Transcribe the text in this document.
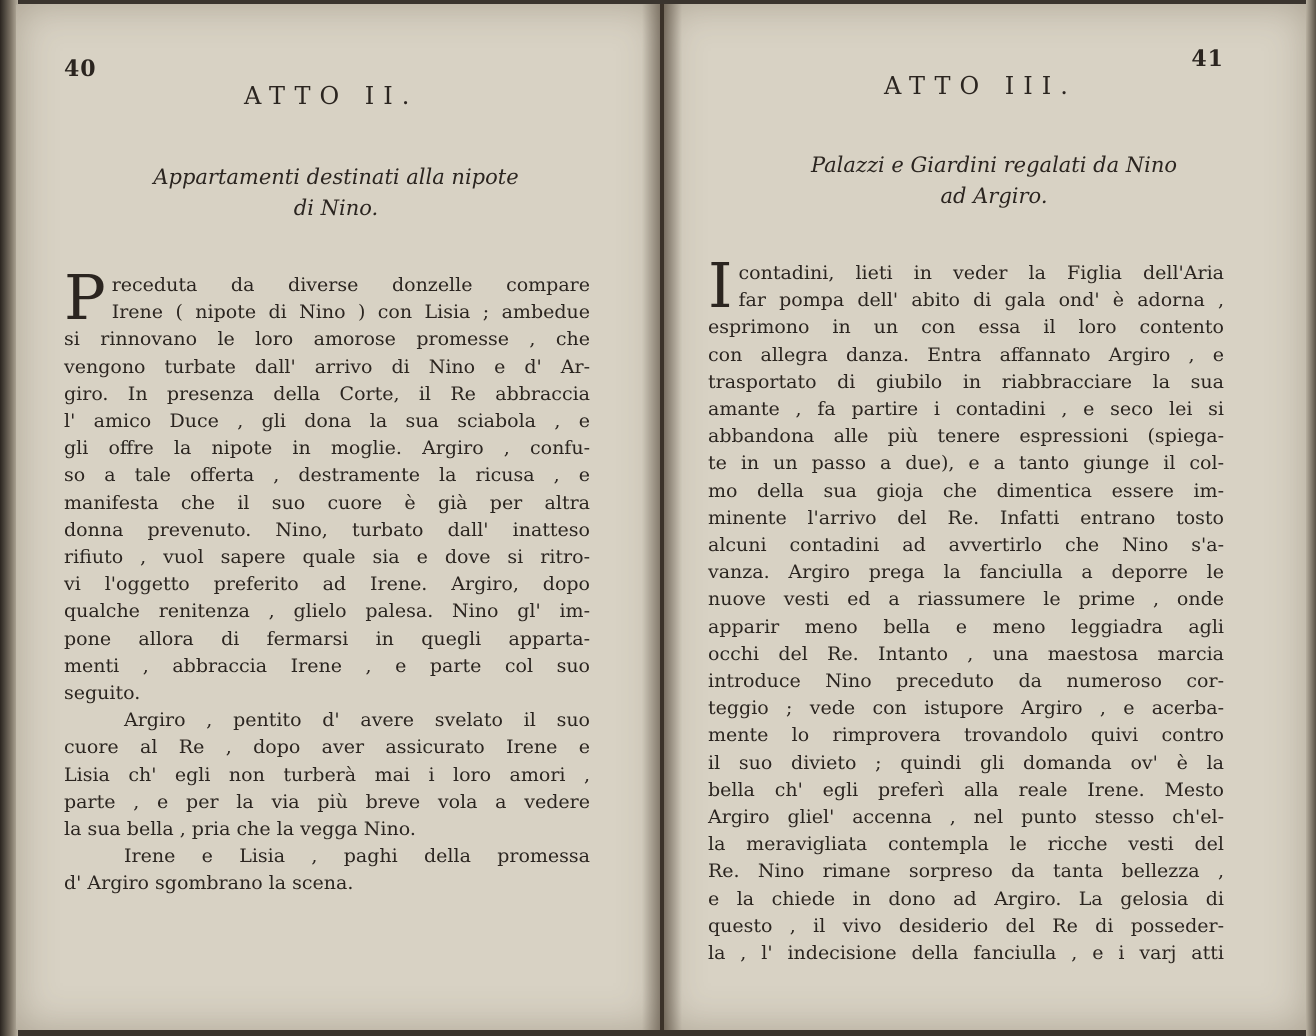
40
ATTO II.
Appartamenti destinati alla nipote
di Nino.
P receduta da diverse donzelle compare
Irene ( nipote di Nino ) con Lisia ; ambedue
si rinnovano le loro amorose promesse , che
vengono turbate dall' arrivo di Nino e d' Ar-
giro. In presenza della Corte, il Re abbraccia
l' amico Duce , gli dona la sua sciabola , e
gli offre la nipote in moglie. Argiro , confu-
so a tale offerta , destramente la ricusa , e
manifesta che il suo cuore è già per altra
donna prevenuto. Nino, turbato dall' inatteso
rifiuto , vuol sapere quale sia e dove si ritro-
vi l'oggetto preferito ad Irene. Argiro, dopo
qualche renitenza , glielo palesa. Nino gl' im-
pone allora di fermarsi in quegli apparta-
menti , abbraccia Irene , e parte col suo
seguito.
Argiro , pentito d' avere svelato il suo
cuore al Re , dopo aver assicurato Irene e
Lisia ch' egli non turberà mai i loro amori ,
parte , e per la via più breve vola a vedere
la sua bella , pria che la vegga Nino.
Irene e Lisia , paghi della promessa
d' Argiro sgombrano la scena.
41
ATTO III.
Palazzi e Giardini regalati da Nino
ad Argiro.
I contadini, lieti in veder la Figlia dell'Aria
far pompa dell' abito di gala ond' è adorna ,
esprimono in un con essa il loro contento
con allegra danza. Entra affannato Argiro , e
trasportato di giubilo in riabbracciare la sua
amante , fa partire i contadini , e seco lei si
abbandona alle più tenere espressioni (spiega-
te in un passo a due), e a tanto giunge il col-
mo della sua gioja che dimentica essere im-
minente l'arrivo del Re. Infatti entrano tosto
alcuni contadini ad avvertirlo che Nino s'a-
vanza. Argiro prega la fanciulla a deporre le
nuove vesti ed a riassumere le prime , onde
apparir meno bella e meno leggiadra agli
occhi del Re. Intanto , una maestosa marcia
introduce Nino preceduto da numeroso cor-
teggio ; vede con istupore Argiro , e acerba-
mente lo rimprovera trovandolo quivi contro
il suo divieto ; quindi gli domanda ov' è la
bella ch' egli preferì alla reale Irene. Mesto
Argiro gliel' accenna , nel punto stesso ch'el-
la meravigliata contempla le ricche vesti del
Re. Nino rimane sorpreso da tanta bellezza ,
e la chiede in dono ad Argiro. La gelosia di
questo , il vivo desiderio del Re di posseder-
la , l' indecisione della fanciulla , e i varj atti
